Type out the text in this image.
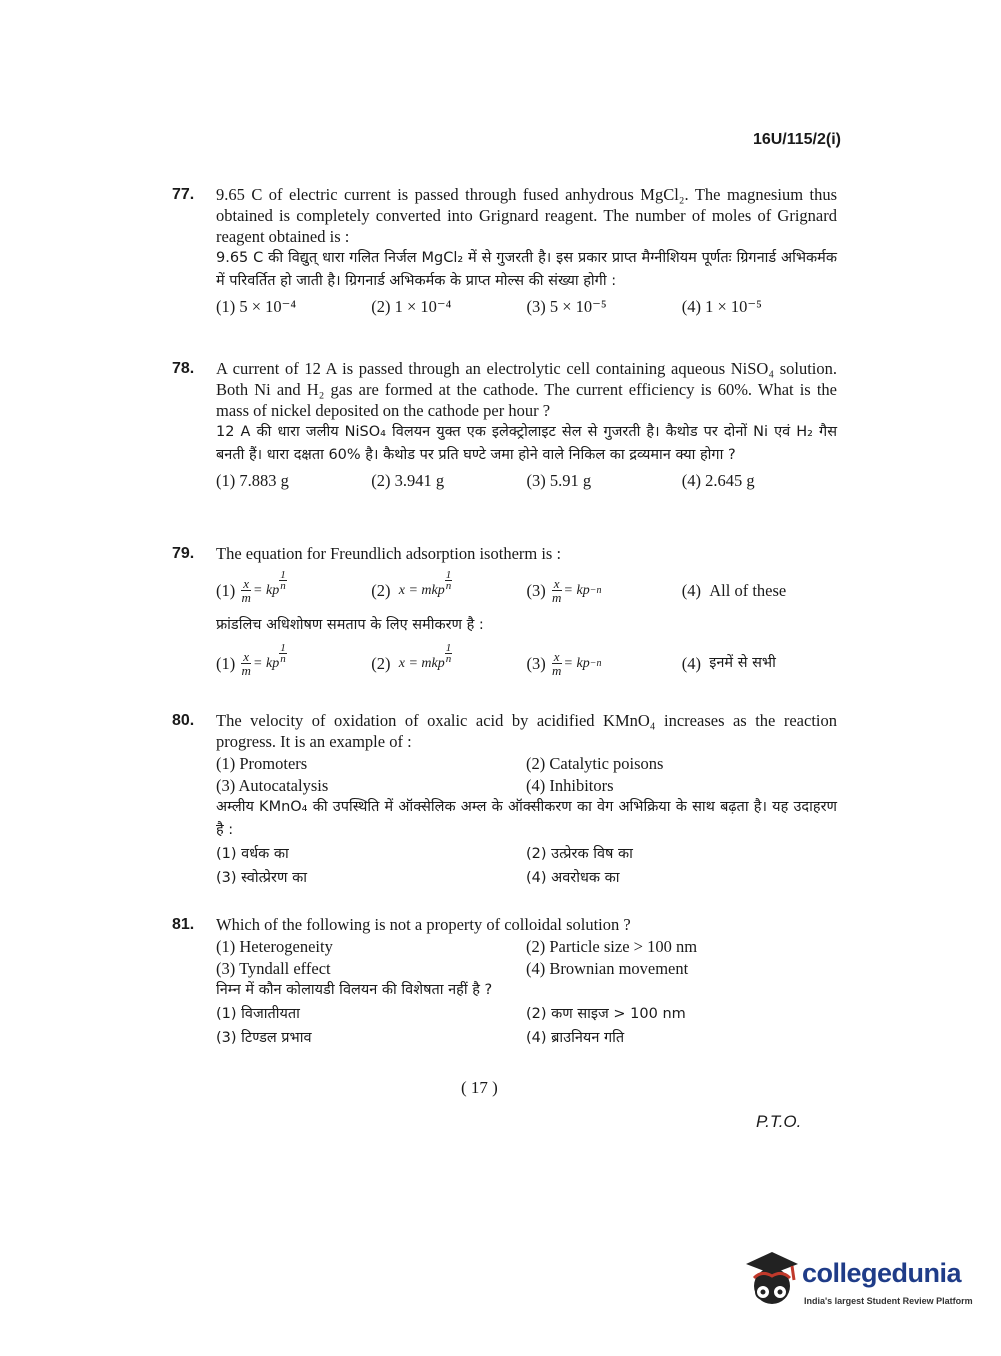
16U/115/2(i)
77. 9.65 C of electric current is passed through fused anhydrous MgCl₂. The magnesium thus obtained is completely converted into Grignard reagent. The number of moles of Grignard reagent obtained is :

9.65 C की विद्युत् धारा गलित निर्जल MgCl₂ में से गुजरती है। इस प्रकार प्राप्त मैग्नीशियम पूर्णतः ग्रिगनार्ड अभिकर्मक में परिवर्तित हो जाती है। ग्रिगनार्ड अभिकर्मक के प्राप्त मोल्स की संख्या होगी :

(1) 5 × 10⁻⁴	(2) 1 × 10⁻⁴	(3) 5 × 10⁻⁵	(4) 1 × 10⁻⁵
78. A current of 12 A is passed through an electrolytic cell containing aqueous NiSO₄ solution. Both Ni and H₂ gas are formed at the cathode. The current efficiency is 60%. What is the mass of nickel deposited on the cathode per hour ?

12 A की धारा जलीय NiSO₄ विलयन युक्त एक इलेक्ट्रोलाइट सेल से गुजरती है। कैथोड पर दोनों Ni एवं H₂ गैस बनती हैं। धारा दक्षता 60% है। कैथोड पर प्रति घण्टे जमा होने वाले निकिल का द्रव्यमान क्या होगा ?

(1) 7.883 g	(2) 3.941 g	(3) 5.91 g	(4) 2.645 g
79. The equation for Freundlich adsorption isotherm is :

$(1) \frac{x}{m}$ = kp
1
n	(2)
x = mkp
1
n	$(3) \frac{x}{m}$ = kp −n	(4)
All of these

फ्रांडलिच अधिशोषण समताप के लिए समीकरण है :

$(1) \frac{x}{m}$ = kp
1
n	(2)
x = mkp
1
n	$(3) \frac{x}{m}$ = kp −n	(4)
इनमें से सभी
80. The velocity of oxidation of oxalic acid by acidified KMnO₄ increases as the reaction progress. It is an example of :

(1) Promoters	(2) Catalytic poisons
(3) Autocatalysis	(4) Inhibitors

अम्लीय KMnO₄ की उपस्थिति में ऑक्सेलिक अम्ल के ऑक्सीकरण का वेग अभिक्रिया के साथ बढ़ता है। यह उदाहरण है :

(1) वर्धक का	(2) उत्प्रेरक विष का
(3) स्वोत्प्रेरण का	(4) अवरोधक का
81. Which of the following is not a property of colloidal solution ?

(1) Heterogeneity	(2) Particle size > 100 nm
(3) Tyndall effect	(4) Brownian movement

निम्न में कौन कोलायडी विलयन की विशेषता नहीं है ?

(1) विजातीयता	(2) कण साइज > 100 nm
(3) टिण्डल प्रभाव	(4) ब्राउनियन गति
( 17 )
P.T.O.
collegedunia
India's largest Student Review Platform
